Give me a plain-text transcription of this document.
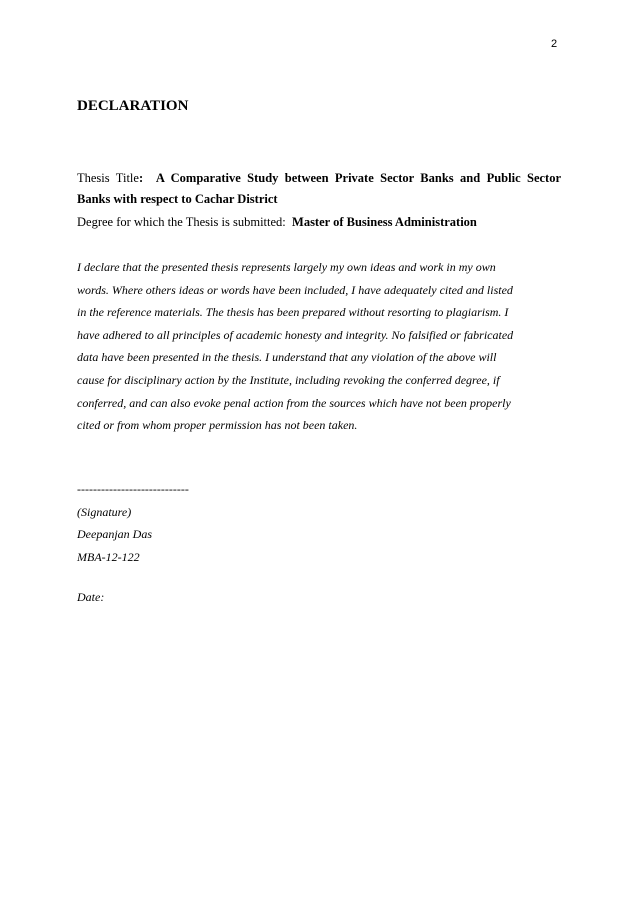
2
DECLARATION
Thesis Title: A Comparative Study between Private Sector Banks and Public Sector
Banks with respect to Cachar District
Degree for which the Thesis is submitted: Master of Business Administration
I declare that the presented thesis represents largely my own ideas and work in my own
words. Where others ideas or words have been included, I have adequately cited and listed
in the reference materials. The thesis has been prepared without resorting to plagiarism. I
have adhered to all principles of academic honesty and integrity. No falsified or fabricated
data have been presented in the thesis. I understand that any violation of the above will
cause for disciplinary action by the Institute, including revoking the conferred degree, if
conferred, and can also evoke penal action from the sources which have not been properly
cited or from whom proper permission has not been taken.
----------------------------
(Signature)
Deepanjan Das
MBA-12-122
Date:
